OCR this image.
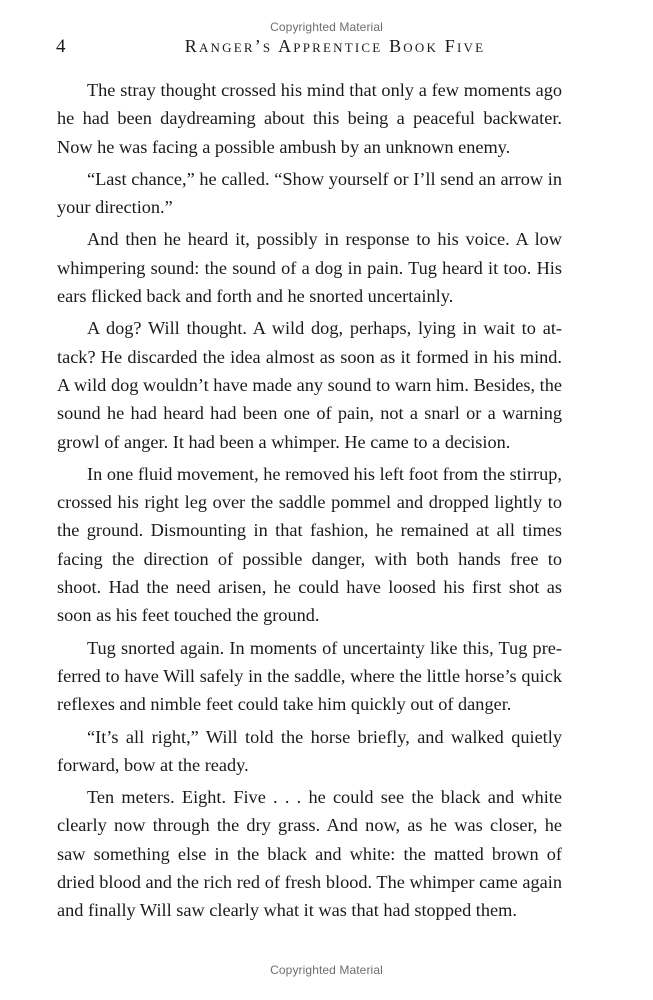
Copyrighted Material
4	Ranger’s Apprentice Book Five

The stray thought crossed his mind that only a few moments ago he had been daydreaming about this being a peaceful backwater. Now he was facing a possible ambush by an unknown enemy.

“Last chance,” he called. “Show yourself or I’ll send an arrow in your direction.”

And then he heard it, possibly in response to his voice. A low whimpering sound: the sound of a dog in pain. Tug heard it too. His ears flicked back and forth and he snorted uncertainly.

A dog? Will thought. A wild dog, perhaps, lying in wait to attack? He discarded the idea almost as soon as it formed in his mind. A wild dog wouldn’t have made any sound to warn him. Besides, the sound he had heard had been one of pain, not a snarl or a warning growl of anger. It had been a whimper. He came to a decision.

In one fluid movement, he removed his left foot from the stirrup, crossed his right leg over the saddle pommel and dropped lightly to the ground. Dismounting in that fashion, he remained at all times facing the direction of possible danger, with both hands free to shoot. Had the need arisen, he could have loosed his first shot as soon as his feet touched the ground.

Tug snorted again. In moments of uncertainty like this, Tug preferred to have Will safely in the saddle, where the little horse’s quick reflexes and nimble feet could take him quickly out of danger.

“It’s all right,” Will told the horse briefly, and walked quietly forward, bow at the ready.

Ten meters. Eight. Five . . . he could see the black and white clearly now through the dry grass. And now, as he was closer, he saw something else in the black and white: the matted brown of dried blood and the rich red of fresh blood. The whimper came again and finally Will saw clearly what it was that had stopped them.

Copyrighted Material
